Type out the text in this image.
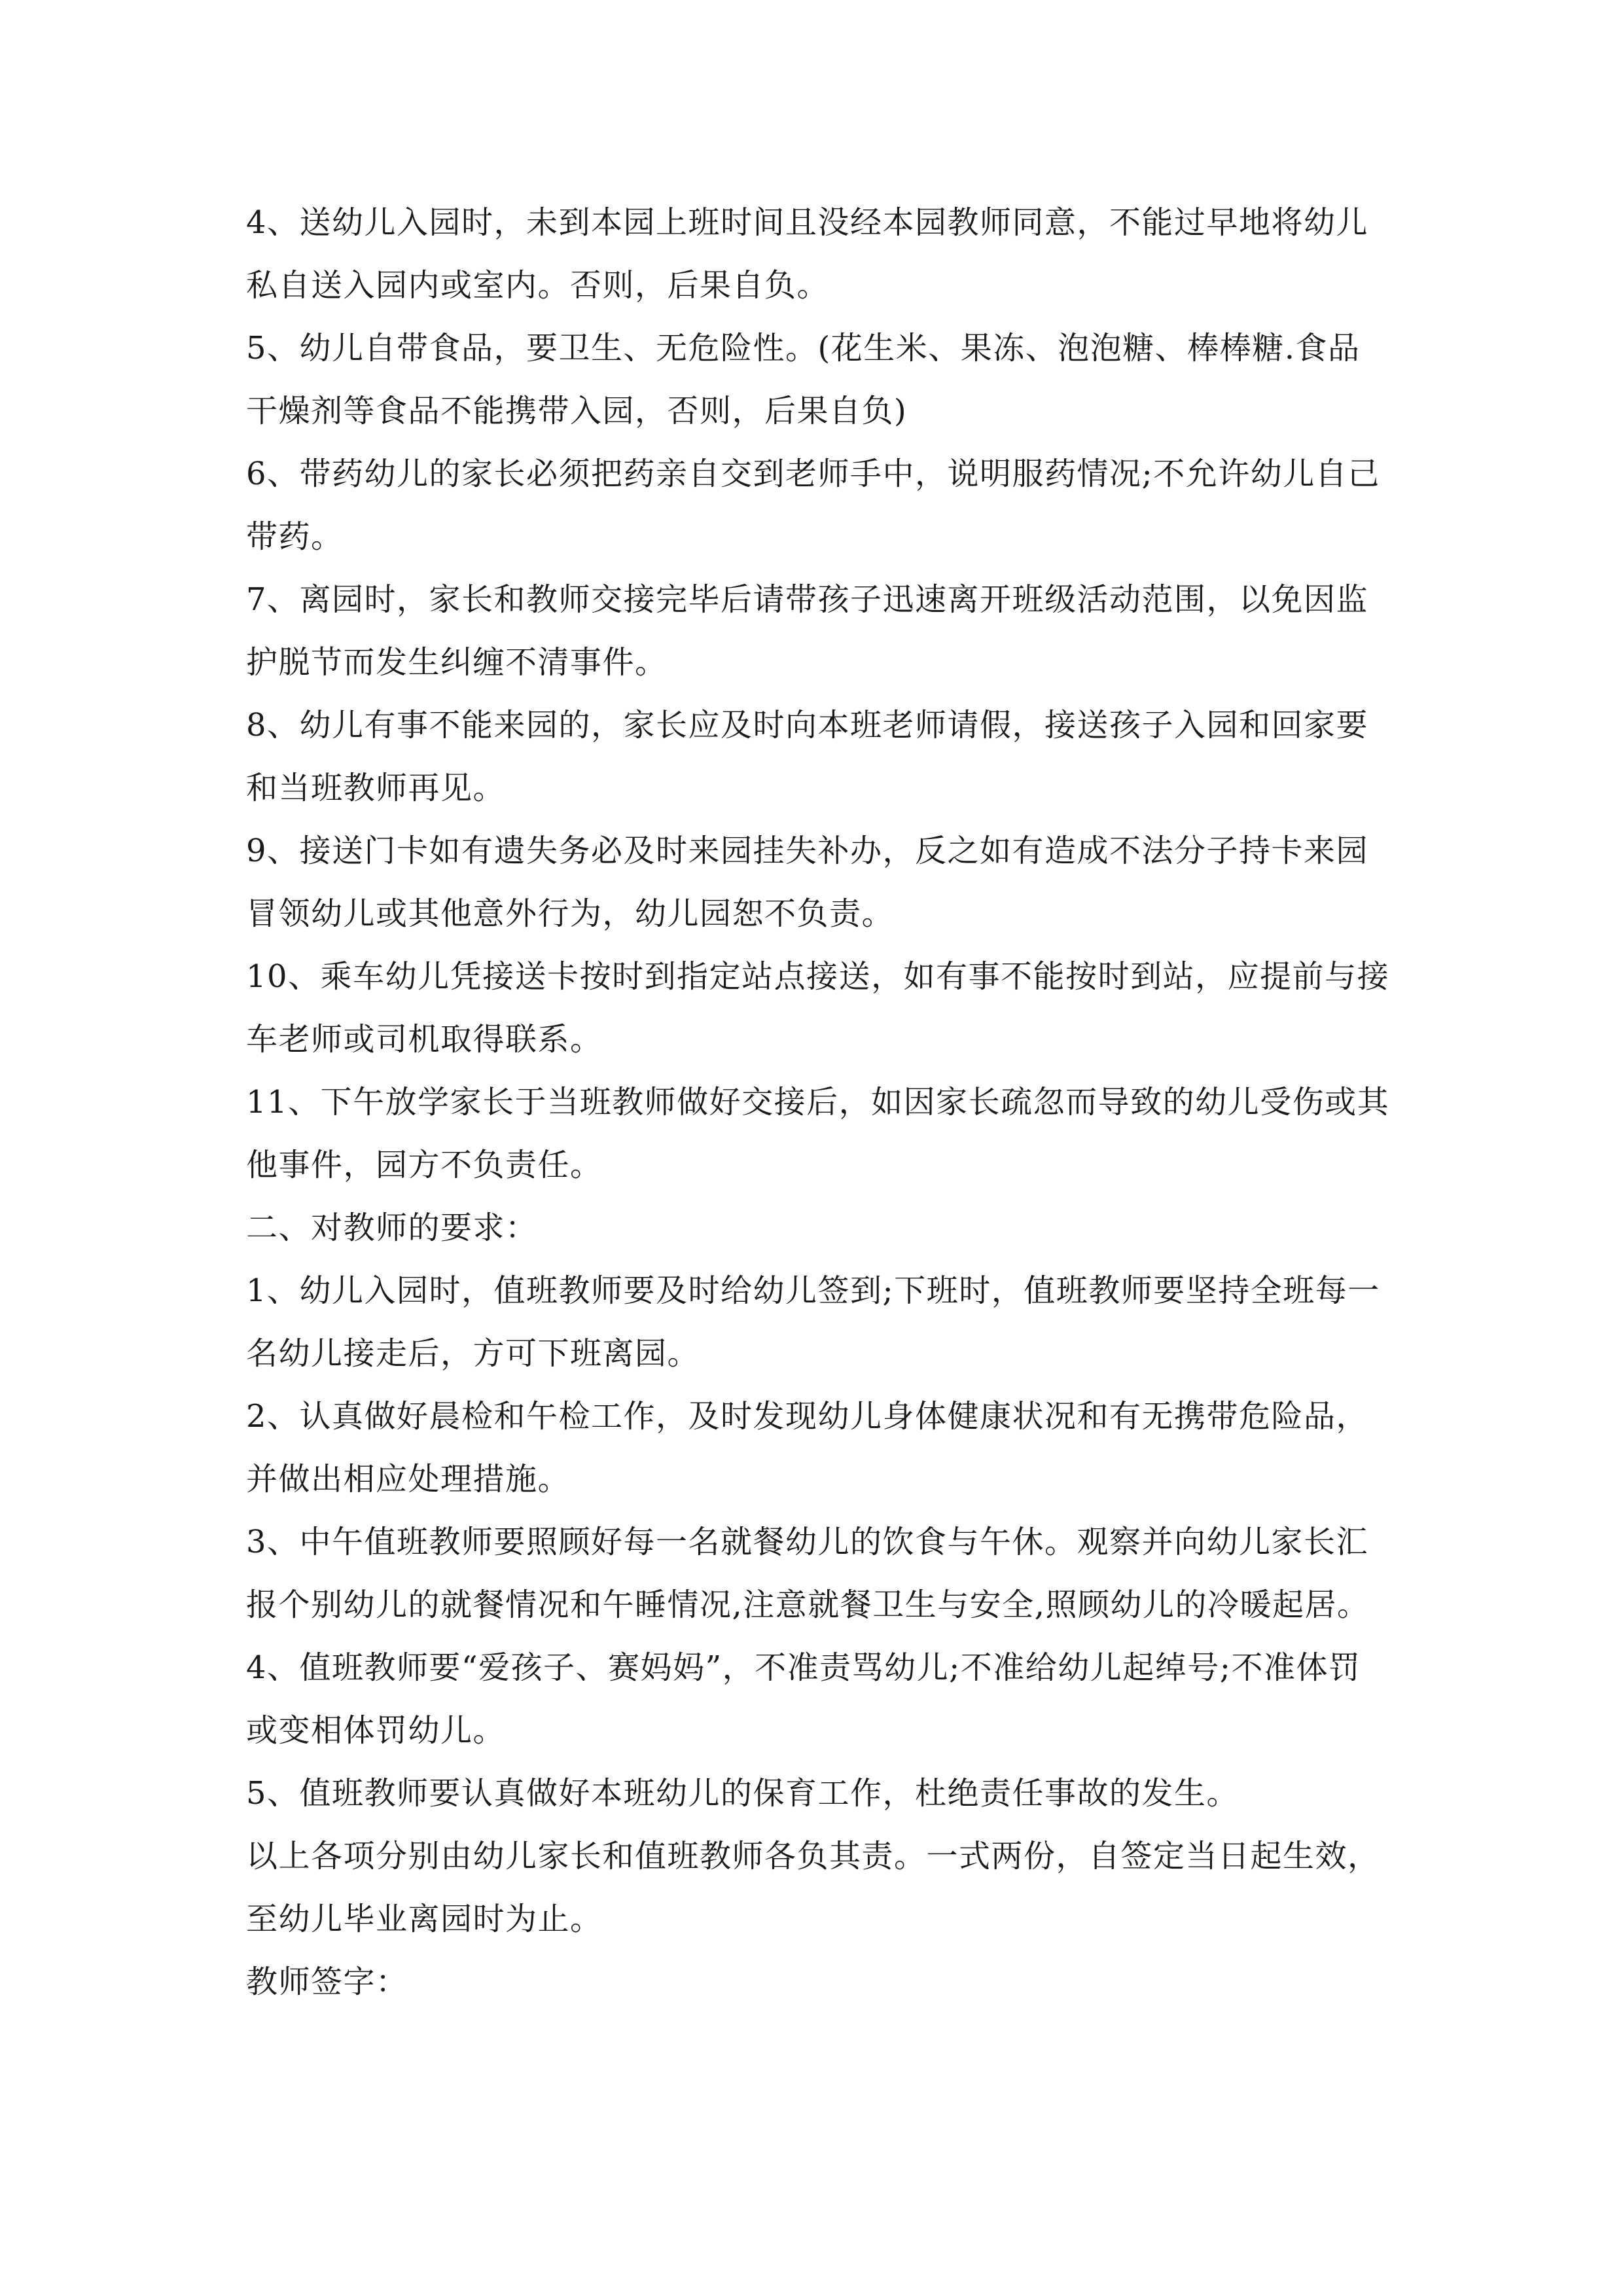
4、送幼儿入园时，未到本园上班时间且没经本园教师同意，不能过早地将幼儿
私自送入园内或室内。否则，后果自负。

5、幼儿自带食品，要卫生、无危险性。(花生米、果冻、泡泡糖、棒棒糖.食品
干燥剂等食品不能携带入园，否则，后果自负)

6、带药幼儿的家长必须把药亲自交到老师手中，说明服药情况;不允许幼儿自己
带药。

7、离园时，家长和教师交接完毕后请带孩子迅速离开班级活动范围，以免因监
护脱节而发生纠缠不清事件。

8、幼儿有事不能来园的，家长应及时向本班老师请假，接送孩子入园和回家要
和当班教师再见。

9、接送门卡如有遗失务必及时来园挂失补办，反之如有造成不法分子持卡来园
冒领幼儿或其他意外行为，幼儿园恕不负责。

10、乘车幼儿凭接送卡按时到指定站点接送，如有事不能按时到站，应提前与接
车老师或司机取得联系。

11、下午放学家长于当班教师做好交接后，如因家长疏忽而导致的幼儿受伤或其
他事件，园方不负责任。

二、对教师的要求：

1、幼儿入园时，值班教师要及时给幼儿签到;下班时，值班教师要坚持全班每一
名幼儿接走后，方可下班离园。

2、认真做好晨检和午检工作，及时发现幼儿身体健康状况和有无携带危险品，
并做出相应处理措施。

3、中午值班教师要照顾好每一名就餐幼儿的饮食与午休。观察并向幼儿家长汇
报个别幼儿的就餐情况和午睡情况,注意就餐卫生与安全,照顾幼儿的冷暖起居。

4、值班教师要“爱孩子、赛妈妈”，不准责骂幼儿;不准给幼儿起绰号;不准体罚
或变相体罚幼儿。

5、值班教师要认真做好本班幼儿的保育工作，杜绝责任事故的发生。

以上各项分别由幼儿家长和值班教师各负其责。一式两份，自签定当日起生效，
至幼儿毕业离园时为止。

教师签字：
